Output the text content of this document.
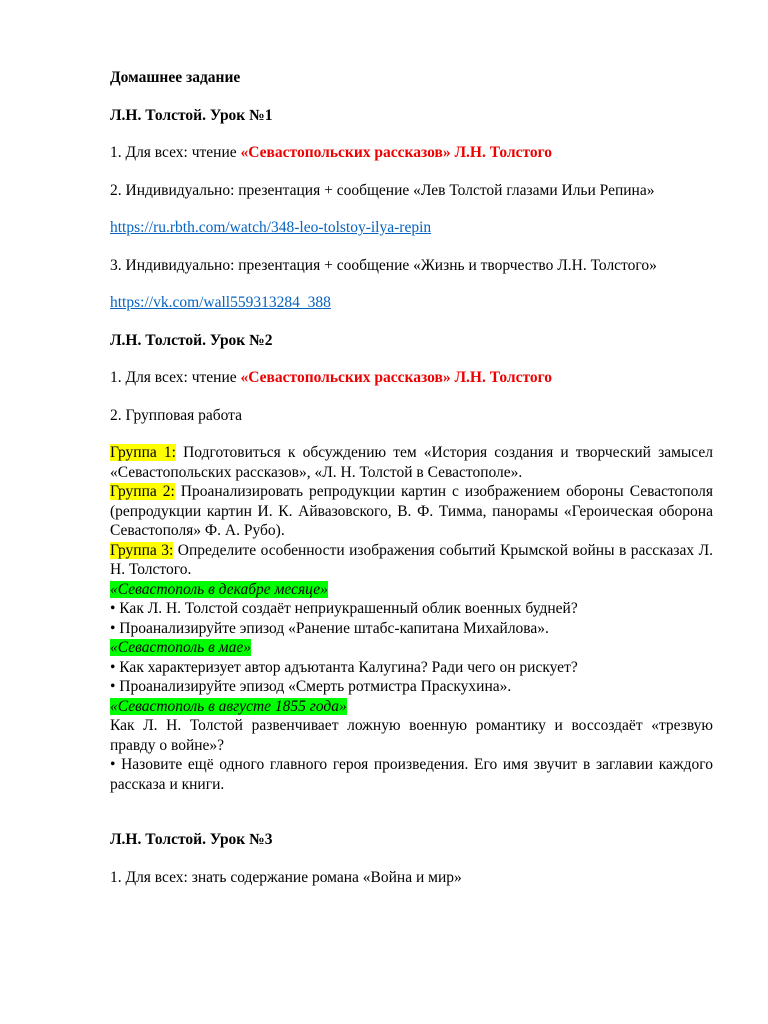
Домашнее задание

Л.Н. Толстой. Урок №1

1. Для всех: чтение «Севастопольских рассказов» Л.Н. Толстого

2. Индивидуально: презентация + сообщение «Лев Толстой глазами Ильи Репина»

https://ru.rbth.com/watch/348-leo-tolstoy-ilya-repin

3. Индивидуально: презентация + сообщение «Жизнь и творчество Л.Н. Толстого»

https://vk.com/wall559313284_388

Л.Н. Толстой. Урок №2

1. Для всех: чтение «Севастопольских рассказов» Л.Н. Толстого

2. Групповая работа

Группа 1: Подготовиться к обсуждению тем «История создания и творческий замысел «Севастопольских рассказов», «Л. Н. Толстой в Севастополе».
Группа 2: Проанализировать репродукции картин с изображением обороны Севастополя (репродукции картин И. К. Айвазовского, В. Ф. Тимма, панорамы «Героическая оборона Севастополя» Ф. А. Рубо).
Группа 3: Определите особенности изображения событий Крымской войны в рассказах Л. Н. Толстого.
«Севастополь в декабре месяце»
• Как Л. Н. Толстой создаёт неприукрашенный облик военных будней?
• Проанализируйте эпизод «Ранение штабс-капитана Михайлова».
«Севастополь в мае»
• Как характеризует автор адъютанта Калугина? Ради чего он рискует?
• Проанализируйте эпизод «Смерть ротмистра Праскухина».
«Севастополь в августе 1855 года»
Как Л. Н. Толстой развенчивает ложную военную романтику и воссоздаёт «трезвую правду о войне»?
• Назовите ещё одного главного героя произведения. Его имя звучит в заглавии каждого рассказа и книги.

Л.Н. Толстой. Урок №3

1. Для всех: знать содержание романа «Война и мир»
